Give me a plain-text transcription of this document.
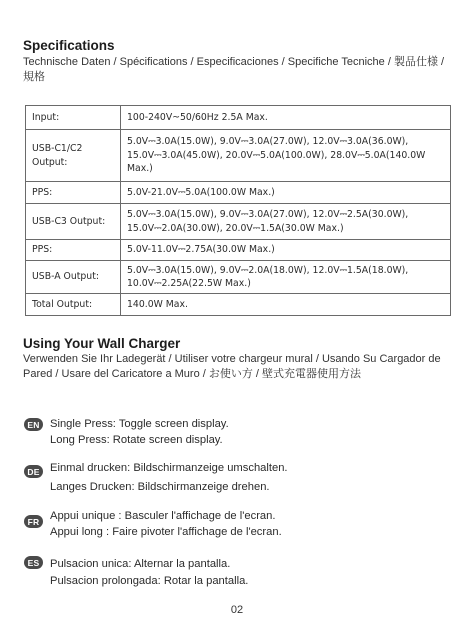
Specifications
Technische Daten / Spécifications / Especificaciones / Specifiche Tecniche / 製品仕様 / 規格
Input:	100-240V~50/60Hz 2.5A Max.
USB-C1/C2 Output:	5.0V⎓3.0A(15.0W), 9.0V⎓3.0A(27.0W), 12.0V⎓3.0A(36.0W), 15.0V⎓3.0A(45.0W), 20.0V⎓5.0A(100.0W), 28.0V⎓5.0A(140.0W Max.)
PPS:	5.0V-21.0V⎓5.0A(100.0W Max.)
USB-C3 Output:	5.0V⎓3.0A(15.0W), 9.0V⎓3.0A(27.0W), 12.0V⎓2.5A(30.0W), 15.0V⎓2.0A(30.0W), 20.0V⎓1.5A(30.0W Max.)
PPS:	5.0V-11.0V⎓2.75A(30.0W Max.)
USB-A Output:	5.0V⎓3.0A(15.0W), 9.0V⎓2.0A(18.0W), 12.0V⎓1.5A(18.0W), 10.0V⎓2.25A(22.5W Max.)
Total Output:	140.0W Max.
Using Your Wall Charger
Verwenden Sie Ihr Ladegerät / Utiliser votre chargeur mural / Usando Su Cargador de Pared / Usare del Caricatore a Muro / お使い方 / 壁式充電器使用方法
EN Single Press: Toggle screen display.
Long Press: Rotate screen display.
DE Einmal drucken: Bildschirmanzeige umschalten.
Langes Drucken: Bildschirmanzeige drehen.
FR Appui unique : Basculer l'affichage de l'ecran.
Appui long : Faire pivoter l'affichage de l'ecran.
ES Pulsacion unica: Alternar la pantalla.
Pulsacion prolongada: Rotar la pantalla.
02
